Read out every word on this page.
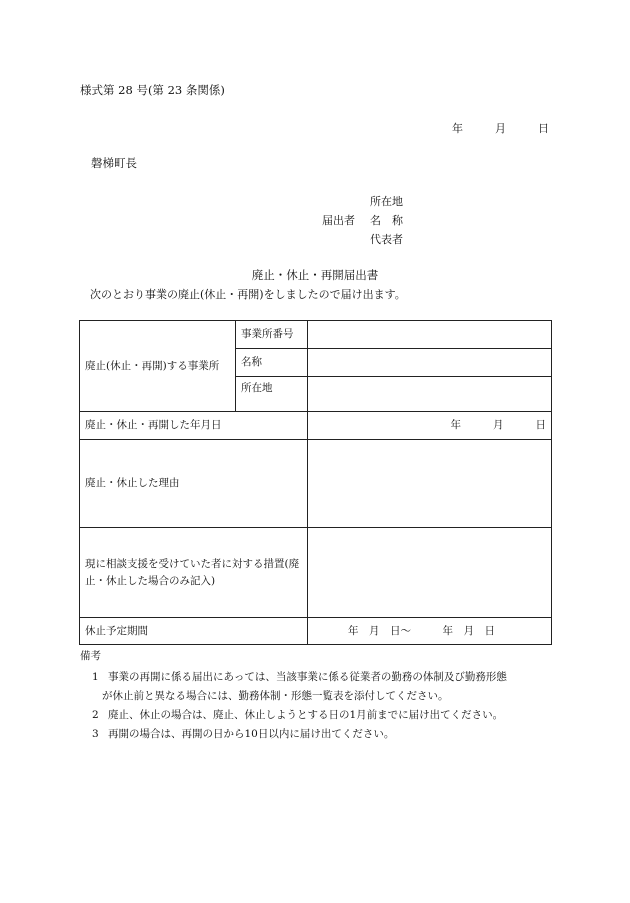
様式第 28 号(第 23 条関係)
年	月	日
磐梯町長
届出者
所在地
名　称
代表者
廃止・休止・再開届出書
次のとおり事業の廃止(休止・再開)をしましたので届け出ます。
廃止(休止・再開)する事業所	事業所番号	
	名称	
	所在地	
廃止・休止・再開した年月日		年 月 日
廃止・休止した理由		
現に相談支援を受けていた者に対する措置(廃止・休止した場合のみ記入)		
休止予定期間		年　月　日～　　　年　月　日
備考
1 事業の再開に係る届出にあっては、当該事業に係る従業者の勤務の体制及び勤務形態
が休止前と異なる場合には、勤務体制・形態一覧表を添付してください。
2 廃止、休止の場合は、廃止、休止しようとする日の1月前までに届け出てください。
3 再開の場合は、再開の日から10日以内に届け出てください。
